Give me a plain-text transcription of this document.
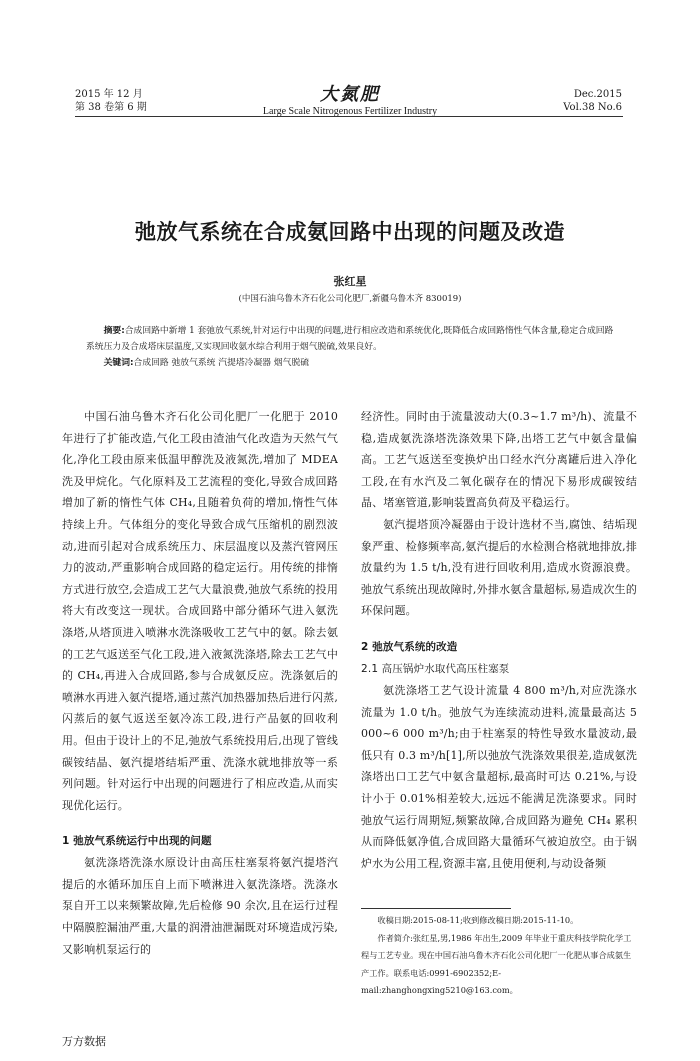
2015 年 12 月
第 38 卷第 6 期
大氮肥
Large Scale Nitrogenous Fertilizer Industry
Dec.2015
Vol.38 No.6
弛放气系统在合成氨回路中出现的问题及改造
张红星
(中国石油乌鲁木齐石化公司化肥厂,新疆乌鲁木齐 830019)
摘要:合成回路中新增 1 套弛放气系统,针对运行中出现的问题,进行相应改造和系统优化,既降低合成回路惰性气体含量,稳定合成回路系统压力及合成塔床层温度,又实现回收氨水综合利用于烟气脱硫,效果良好。
关键词:合成回路 弛放气系统 汽提塔冷凝器 烟气脱硫

中国石油乌鲁木齐石化公司化肥厂一化肥于 2010 年进行了扩能改造,气化工段由渣油气化改造为天然气气化,净化工段由原来低温甲醇洗及液氮洗,增加了 MDEA 洗及甲烷化。气化原料及工艺流程的变化,导致合成回路增加了新的惰性气体 CH₄,且随着负荷的增加,惰性气体持续上升。气体组分的变化导致合成气压缩机的剧烈波动,进而引起对合成系统压力、床层温度以及蒸汽管网压力的波动,严重影响合成回路的稳定运行。用传统的排惰方式进行放空,会造成工艺气大量浪费,弛放气系统的投用将大有改变这一现状。合成回路中部分循环气进入氨洗涤塔,从塔顶进入喷淋水洗涤吸收工艺气中的氨。除去氨的工艺气返送至气化工段,进入液氮洗涤塔,除去工艺气中的 CH₄,再进入合成回路,参与合成氨反应。洗涤氨后的喷淋水再进入氨汽提塔,通过蒸汽加热器加热后进行闪蒸,闪蒸后的氨气返送至氨冷冻工段,进行产品氨的回收利用。但由于设计上的不足,弛放气系统投用后,出现了管线碳铵结晶、氨汽提塔结垢严重、洗涤水就地排放等一系列问题。针对运行中出现的问题进行了相应改造,从而实现优化运行。

1 弛放气系统运行中出现的问题

氨洗涤塔洗涤水原设计由高压柱塞泵将氨汽提塔汽提后的水循环加压自上而下喷淋进入氨洗涤塔。洗涤水泵自开工以来频繁故障,先后检修 90 余次,且在运行过程中隔膜腔漏油严重,大量的润滑油泄漏既对环境造成污染,又影响机泵运行的

经济性。同时由于流量波动大(0.3~1.7 m³/h)、流量不稳,造成氨洗涤塔洗涤效果下降,出塔工艺气中氨含量偏高。工艺气返送至变换炉出口经水汽分离罐后进入净化工段,在有水汽及二氧化碳存在的情况下易形成碳铵结晶、堵塞管道,影响装置高负荷及平稳运行。

氨汽提塔顶冷凝器由于设计选材不当,腐蚀、结垢现象严重、检修频率高,氨汽提后的水检测合格就地排放,排放量约为 1.5 t/h,没有进行回收利用,造成水资源浪费。弛放气系统出现故障时,外排水氨含量超标,易造成次生的环保问题。

2 弛放气系统的改造
2.1 高压锅炉水取代高压柱塞泵

氨洗涤塔工艺气设计流量 4 800 m³/h,对应洗涤水流量为 1.0 t/h。弛放气为连续流动进料,流量最高达 5 000~6 000 m³/h;由于柱塞泵的特性导致水量波动,最低只有 0.3 m³/h[1],所以弛放气洗涤效果很差,造成氨洗涤塔出口工艺气中氨含量超标,最高时可达 0.21%,与设计小于 0.01%相差较大,远远不能满足洗涤要求。同时弛放气运行周期短,频繁故障,合成回路为避免 CH₄ 累积从而降低氨净值,合成回路大量循环气被迫放空。由于锅炉水为公用工程,资源丰富,且使用便利,与动设备频

收稿日期:2015-08-11;收到修改稿日期:2015-11-10。

作者简介:张红星,男,1986 年出生,2009 年毕业于重庆科技学院化学工程与工艺专业。现在中国石油乌鲁木齐石化公司化肥厂一化肥从事合成氨生产工作。联系电话:0991-6902352;E-mail:zhanghongxing5210@163.com。

万方数据
